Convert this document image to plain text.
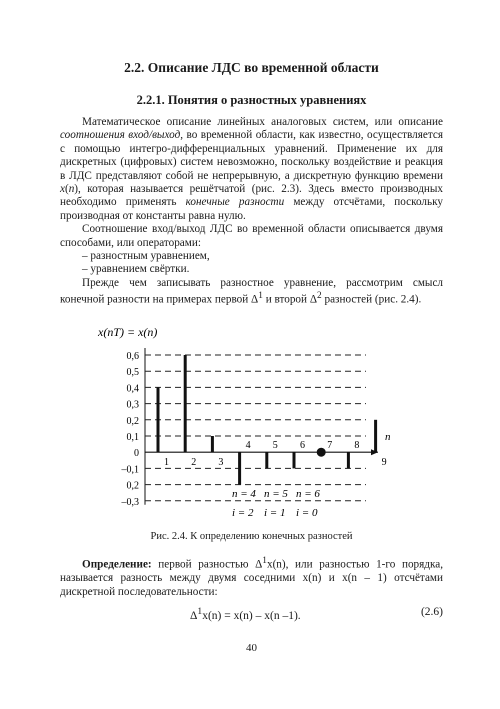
2.2. Описание ЛДС во временной области
2.2.1. Понятия о разностных уравнениях

Математическое описание линейных аналоговых систем, или описание соотношения вход/выход, во временной области, как известно, осуществляется с помощью интегро-дифференциальных уравнений. Применение их для дискретных (цифровых) систем невозможно, поскольку воздействие и реакция в ЛДС представляют собой не непрерывную, а дискретную функцию времени x(n), которая называется решётчатой (рис. 2.3). Здесь вместо производных необходимо применять конечные разности между отсчётами, поскольку производная от константы равна нулю.

Соотношение вход/выход ЛДС во временной области описывается двумя способами, или операторами:

– разностным уравнением,

– уравнением свёртки.

Прежде чем записывать разностное уравнение, рассмотрим смысл конечной разности на примерах первой $\Delta^1$ и второй $\Delta^2$ разностей (рис. 2.4).

0,6
0,5
0,4
0,3
0,2
0,1
0
–0,1
0,2
–0,3
1 2 3
4 5 6 7 8
9
x(nT) = x(n)
n
n = 4 n = 5 n = 6
i = 2 i = 1 i = 0
Рис. 2.4. К определению конечных разностей

Определение: первой разностью $\Delta^1x(n)$, или разностью 1-го порядка, называется разность между двумя соседними x(n) и x(n – 1) отсчётами дискретной последовательности:

$\Delta^1x(n) = x(n) - x(n$ –1).	(2.6)
40
